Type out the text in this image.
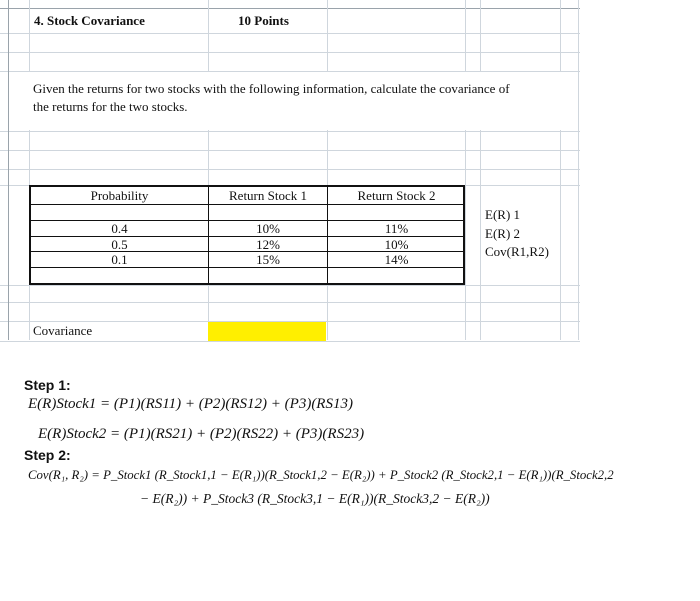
4. Stock Covariance	10 Points
Given the returns for two stocks with the following information, calculate the covariance of
the returns for the two stocks.
Probability	Return Stock 1	Return Stock 2
0.4	10%	11%
0.5	12%	10%
0.1	15%	14%
E(R) 1
E(R) 2
Cov(R1,R2)
Covariance
Step 1:
E(R)Stock1 = (P1)(RS11) + (P2)(RS12) + (P3)(RS13)
E(R)Stock2 = (P1)(RS21) + (P2)(RS22) + (P3)(RS23)
Step 2:
Cov(R₁, R₂) = P_Stock1 (R_Stock1,1 − E(R₁))(R_Stock1,2 − E(R₂)) + P_Stock2 (R_Stock2,1 − E(R₁))(R_Stock2,2
− E(R₂)) + P_Stock3 (R_Stock3,1 − E(R₁))(R_Stock3,2 − E(R₂))
